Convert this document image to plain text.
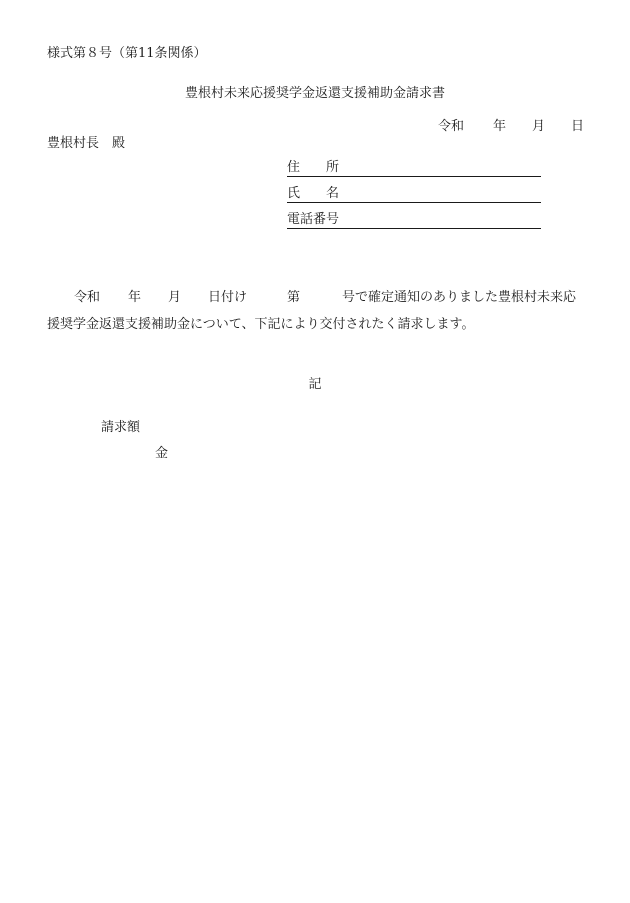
様式第８号（第11条関係）
豊根村未来応援奨学金返還支援補助金請求書
令和 年 月 日
豊根村長　殿
住　　所
氏　　名
電話番号
令和 年 月 日付け	第	号で確定通知のありました豊根村未来応
援奨学金返還支援補助金について、下記により交付されたく請求します。
記
請求額
金
